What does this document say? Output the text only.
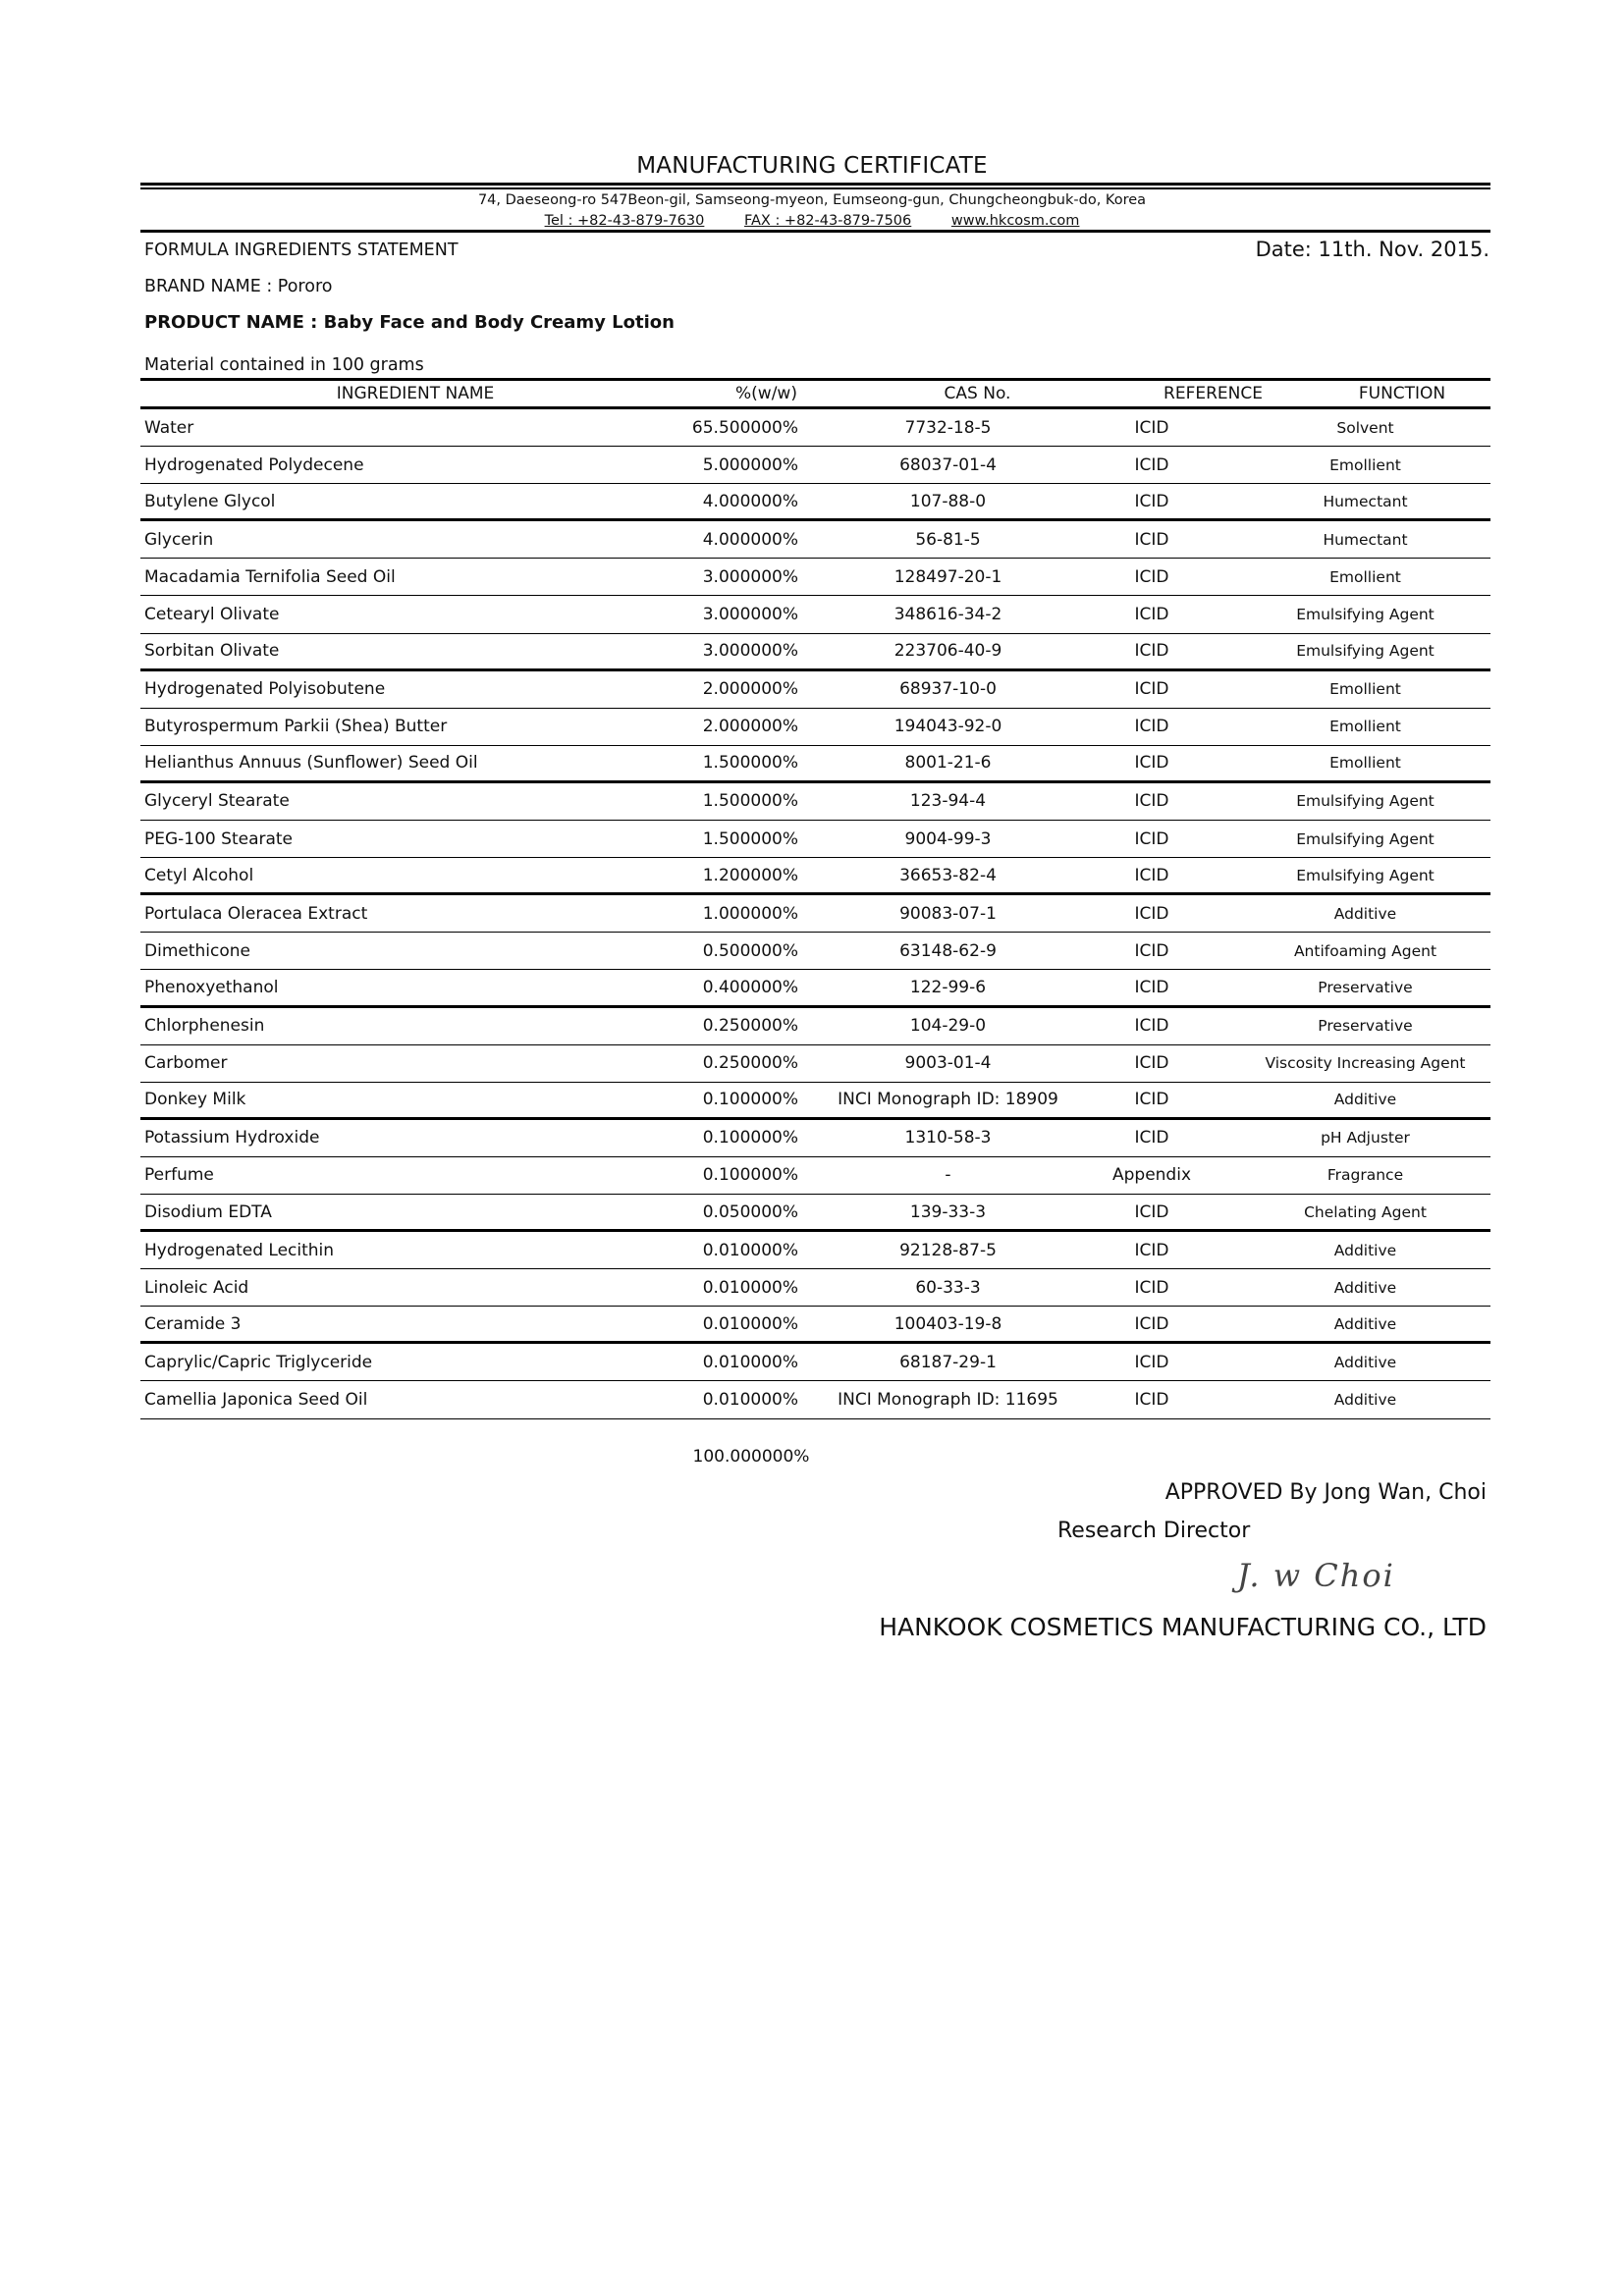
MANUFACTURING CERTIFICATE
74, Daeseong-ro 547Beon-gil, Samseong-myeon, Eumseong-gun, Chungcheongbuk-do, Korea
Tel : +82-43-879-7630	FAX : +82-43-879-7506	www.hkcosm.com
FORMULA INGREDIENTS STATEMENT	Date: 11th. Nov. 2015.
BRAND NAME : Pororo
PRODUCT NAME : Baby Face and Body Creamy Lotion
Material contained in 100 grams
INGREDIENT NAME	%(w/w)	CAS No.	REFERENCE	FUNCTION
Water	65.500000%	7732-18-5	ICID	Solvent
Hydrogenated Polydecene	5.000000%	68037-01-4	ICID	Emollient
Butylene Glycol	4.000000%	107-88-0	ICID	Humectant
Glycerin	4.000000%	56-81-5	ICID	Humectant
Macadamia Ternifolia Seed Oil	3.000000%	128497-20-1	ICID	Emollient
Cetearyl Olivate	3.000000%	348616-34-2	ICID	Emulsifying Agent
Sorbitan Olivate	3.000000%	223706-40-9	ICID	Emulsifying Agent
Hydrogenated Polyisobutene	2.000000%	68937-10-0	ICID	Emollient
Butyrospermum Parkii (Shea) Butter	2.000000%	194043-92-0	ICID	Emollient
Helianthus Annuus (Sunflower) Seed Oil	1.500000%	8001-21-6	ICID	Emollient
Glyceryl Stearate	1.500000%	123-94-4	ICID	Emulsifying Agent
PEG-100 Stearate	1.500000%	9004-99-3	ICID	Emulsifying Agent
Cetyl Alcohol	1.200000%	36653-82-4	ICID	Emulsifying Agent
Portulaca Oleracea Extract	1.000000%	90083-07-1	ICID	Additive
Dimethicone	0.500000%	63148-62-9	ICID	Antifoaming Agent
Phenoxyethanol	0.400000%	122-99-6	ICID	Preservative
Chlorphenesin	0.250000%	104-29-0	ICID	Preservative
Carbomer	0.250000%	9003-01-4	ICID	Viscosity Increasing Agent
Donkey Milk	0.100000%	INCI Monograph ID: 18909	ICID	Additive
Potassium Hydroxide	0.100000%	1310-58-3	ICID	pH Adjuster
Perfume	0.100000%	-	Appendix	Fragrance
Disodium EDTA	0.050000%	139-33-3	ICID	Chelating Agent
Hydrogenated Lecithin	0.010000%	92128-87-5	ICID	Additive
Linoleic Acid	0.010000%	60-33-3	ICID	Additive
Ceramide 3	0.010000%	100403-19-8	ICID	Additive
Caprylic/Capric Triglyceride	0.010000%	68187-29-1	ICID	Additive
Camellia Japonica Seed Oil	0.010000%	INCI Monograph ID: 11695	ICID	Additive
100.000000%
APPROVED By Jong Wan, Choi
Research Director
J. w Choi
HANKOOK COSMETICS MANUFACTURING CO., LTD
